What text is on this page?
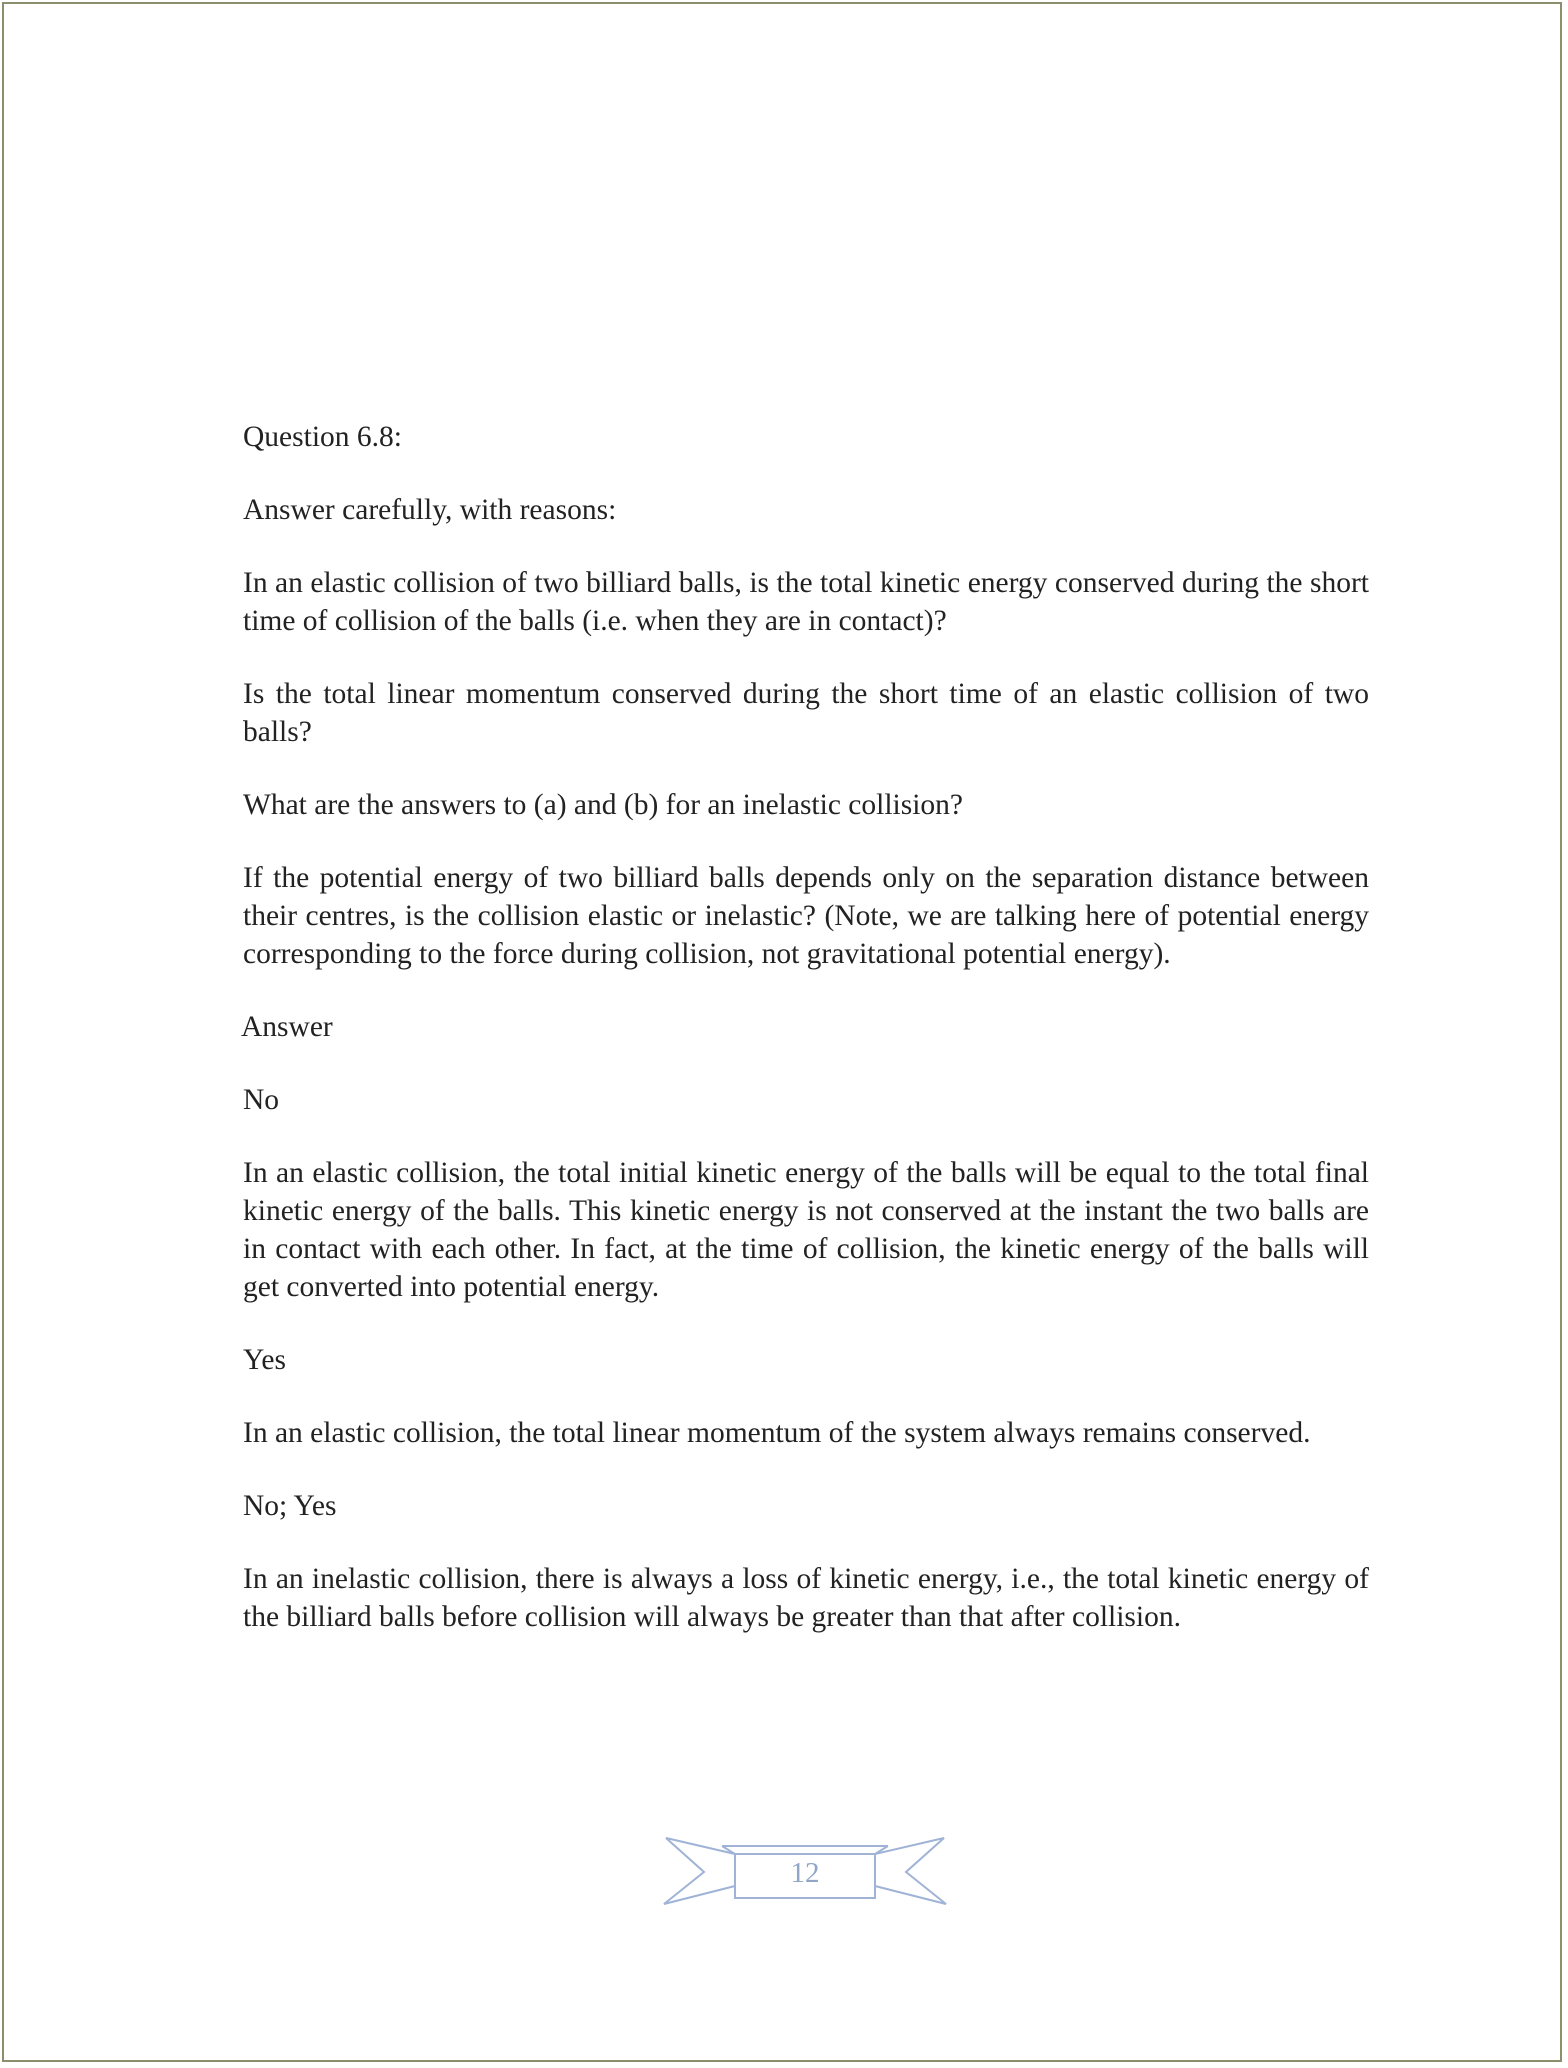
Question 6.8:

Answer carefully, with reasons:

In an elastic collision of two billiard balls, is the total kinetic energy conserved during the short time of collision of the balls (i.e. when they are in contact)?

Is the total linear momentum conserved during the short time of an elastic collision of two balls?

What are the answers to (a) and (b) for an inelastic collision?

If the potential energy of two billiard balls depends only on the separation distance between their centres, is the collision elastic or inelastic? (Note, we are talking here of potential energy corresponding to the force during collision, not gravitational potential energy).

Answer

No

In an elastic collision, the total initial kinetic energy of the balls will be equal to the total final kinetic energy of the balls. This kinetic energy is not conserved at the instant the two balls are in contact with each other. In fact, at the time of collision, the kinetic energy of the balls will get converted into potential energy.

Yes

In an elastic collision, the total linear momentum of the system always remains conserved.

No; Yes

In an inelastic collision, there is always a loss of kinetic energy, i.e., the total kinetic energy of the billiard balls before collision will always be greater than that after collision.

12
